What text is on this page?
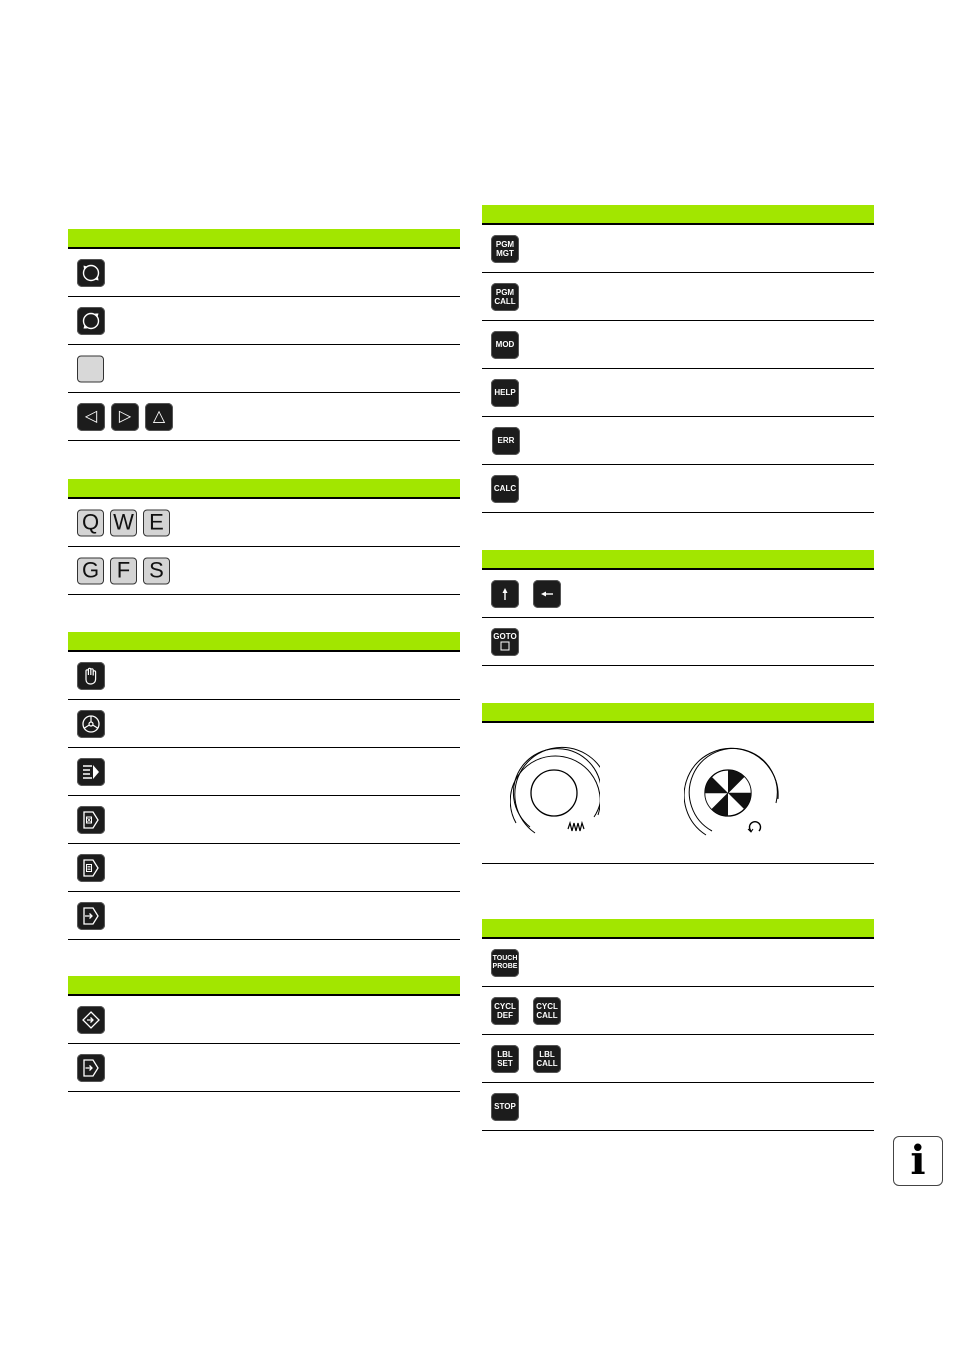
◁ ▷ △
Q W E
G F S
PGM
MGT
PGM
CALL
MOD
HELP
ERR
CALC
GOTO
TOUCH
PROBE
CYCL
DEF
CYCL
CALL
LBL
SET
LBL
CALL
STOP
i
